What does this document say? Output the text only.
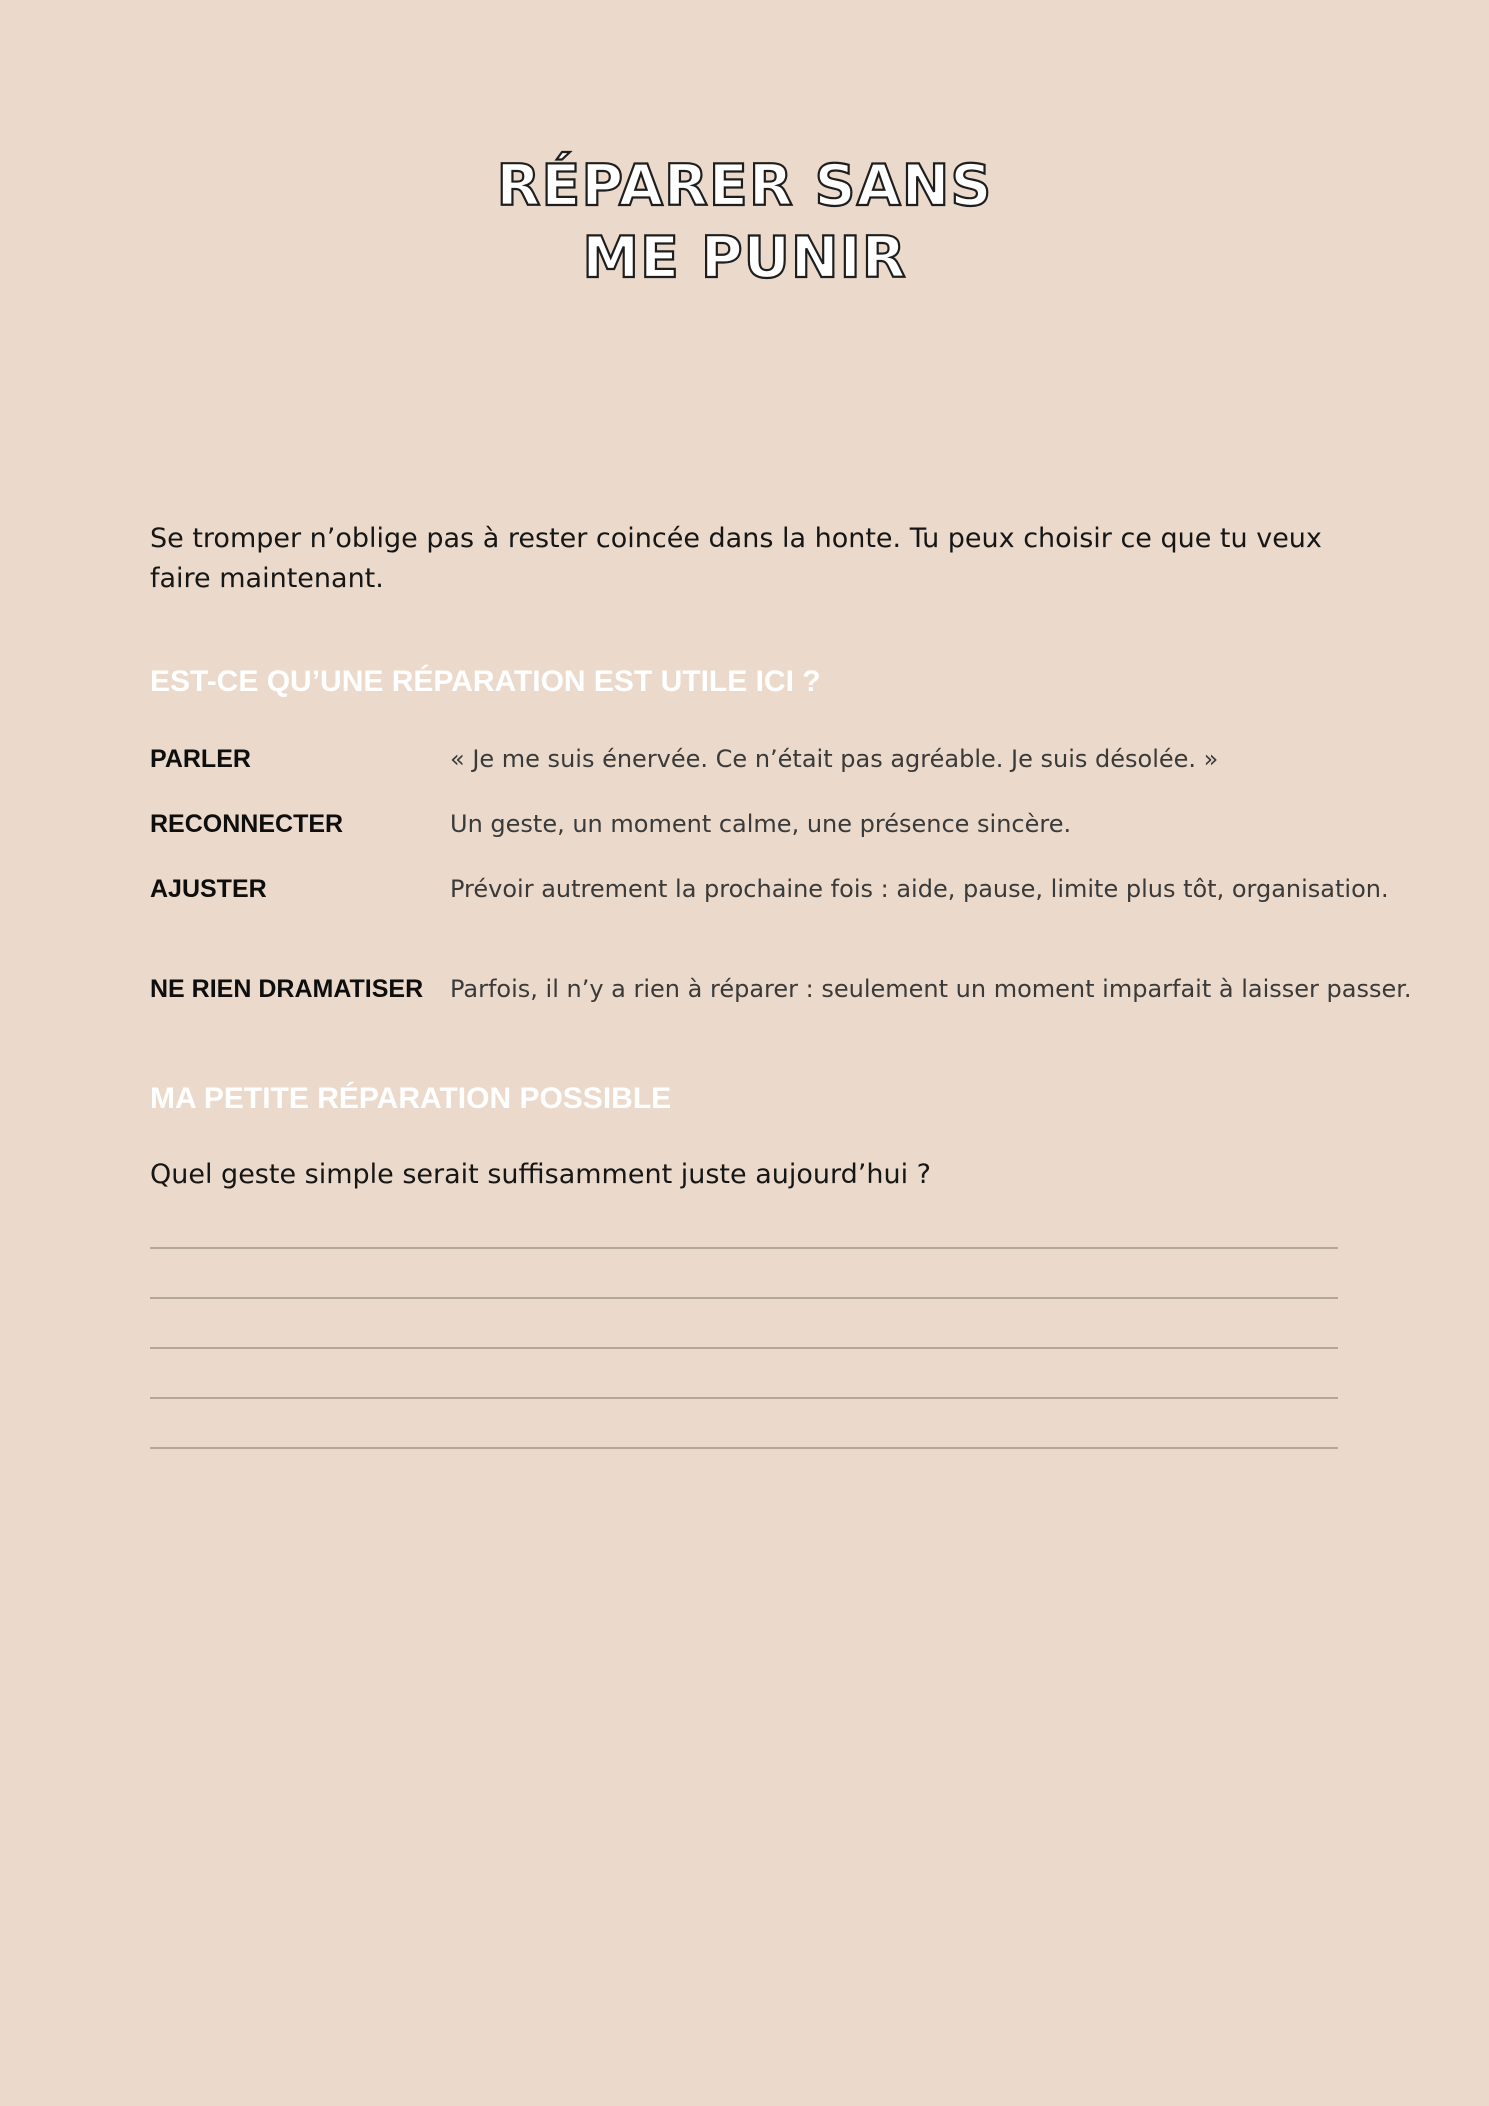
RÉPARER SANS
ME PUNIR

Se tromper n’oblige pas à rester coincée dans la honte. Tu peux choisir ce que tu veux faire maintenant.

EST-CE QU’UNE RÉPARATION EST UTILE ICI ?
PARLER	« Je me suis énervée. Ce n’était pas agréable. Je suis désolée. »
RECONNECTER	Un geste, un moment calme, une présence sincère.
AJUSTER	Prévoir autrement la prochaine fois : aide, pause, limite plus tôt, organisation.
NE RIEN DRAMATISER Parfois, il n’y a rien à réparer : seulement un moment imparfait à laisser passer.
MA PETITE RÉPARATION POSSIBLE

Quel geste simple serait suffisamment juste aujourd’hui ?
